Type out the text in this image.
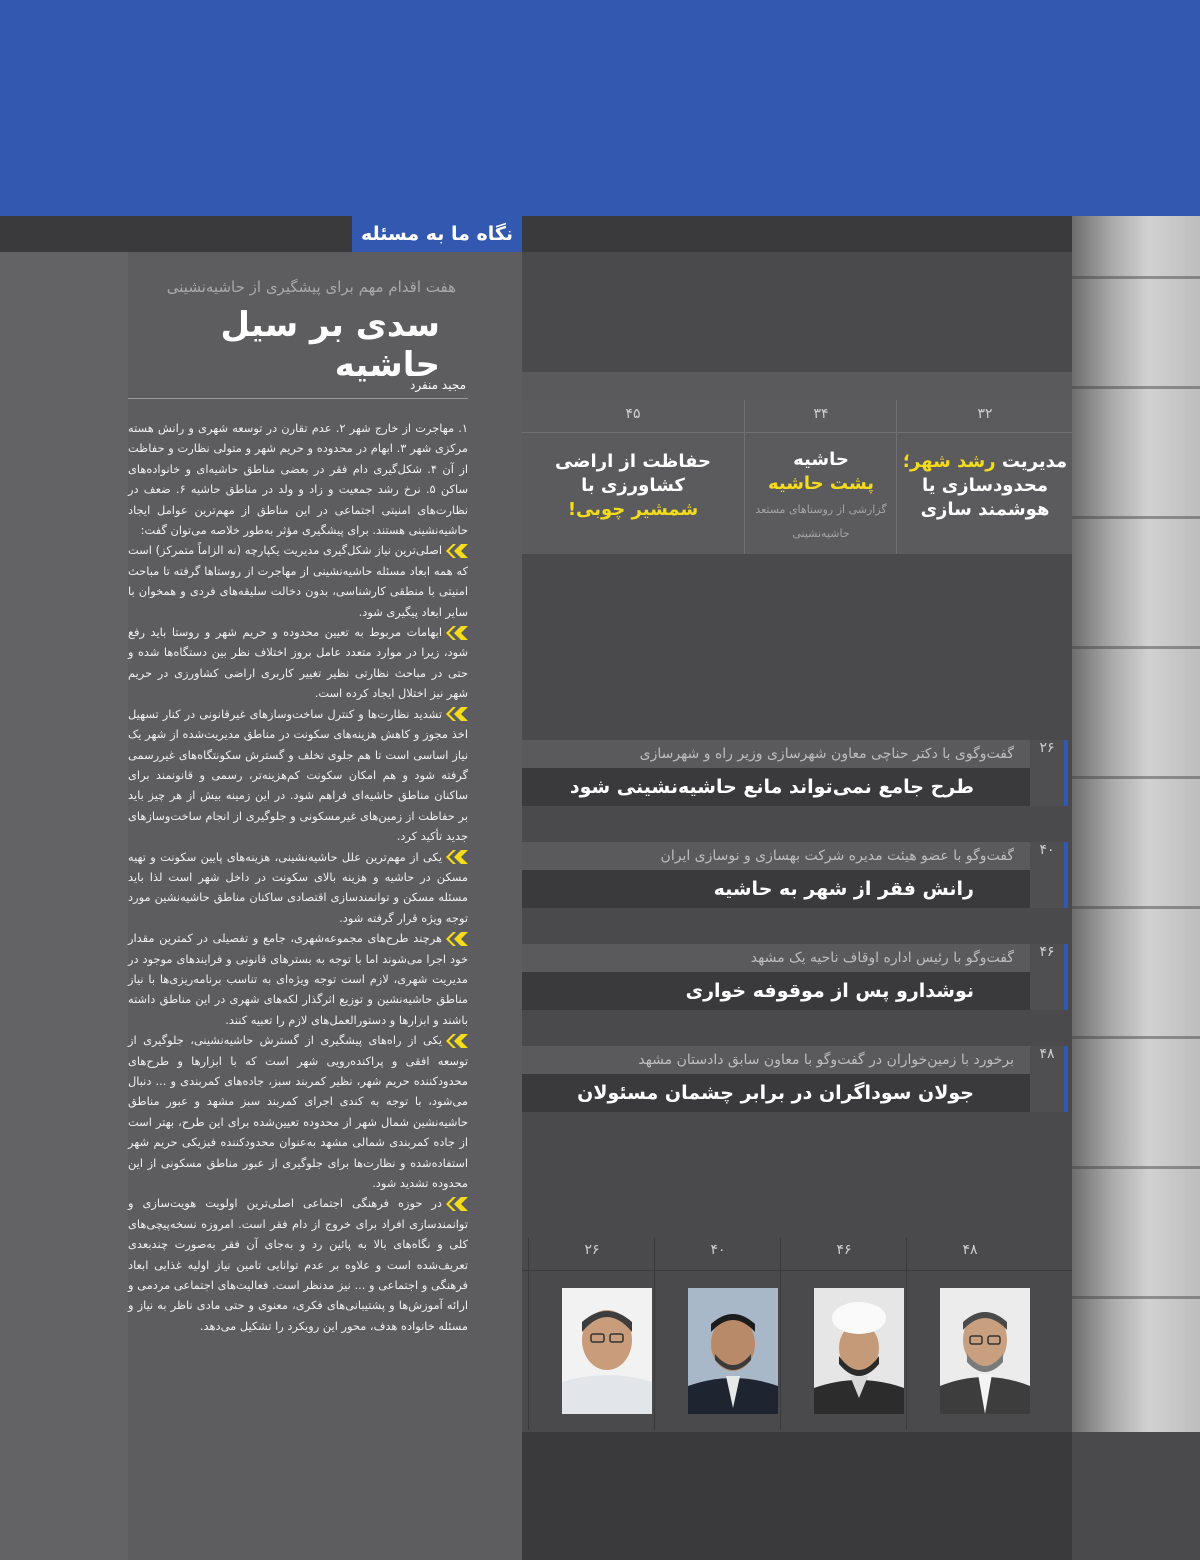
نگاه ما به مسئله
هفت اقدام مهم برای پیشگیری از حاشیه‌نشینی
سدی بر سیل حاشیه
مجید منفرد

۱. مهاجرت از خارج شهر ۲. عدم تقارن در توسعه شهری و رانش هسته مرکزی شهر ۳. ابهام در محدوده و حریم شهر و متولی نظارت و حفاظت از آن ۴. شکل‌گیری دام فقر در بعضی مناطق حاشیه‌ای و خانواده‌های ساکن ۵. نرخ رشد جمعیت و زاد و ولد در مناطق حاشیه ۶. ضعف در نظارت‌های امنیتی اجتماعی در این مناطق از مهم‌ترین عوامل ایجاد حاشیه‌نشینی هستند. برای پیشگیری مؤثر به‌طور خلاصه می‌توان گفت:

اصلی‌ترین نیاز شکل‌گیری مدیریت یکپارچه (نه الزاماً متمرکز) است که همه ابعاد مسئله حاشیه‌نشینی از مهاجرت از روستاها گرفته تا مباحث امنیتی با منطقی کارشناسی، بدون دخالت سلیقه‌های فردی و همخوان با سایر ابعاد پیگیری شود.

ابهامات مربوط به تعیین محدوده و حریم شهر و روستا باید رفع شود، زیرا در موارد متعدد عامل بروز اختلاف نظر بین دستگاه‌ها شده و حتی در مباحث نظارتی نظیر تغییر کاربری اراضی کشاورزی در حریم شهر نیز اختلال ایجاد کرده است.

تشدید نظارت‌ها و کنترل ساخت‌وسازهای غیرقانونی در کنار تسهیل اخذ مجوز و کاهش هزینه‌های سکونت در مناطق مدیریت‌شده از شهر یک نیاز اساسی است تا هم جلوی تخلف و گسترش سکونتگاه‌های غیررسمی گرفته شود و هم امکان سکونت کم‌هزینه‌تر، رسمی و قانونمند برای ساکنان مناطق حاشیه‌ای فراهم شود. در این زمینه بیش از هر چیز باید بر حفاظت از زمین‌های غیرمسکونی و جلوگیری از انجام ساخت‌وسازهای جدید تأکید کرد.

یکی از مهم‌ترین علل حاشیه‌نشینی، هزینه‌های پایین سکونت و تهیه مسکن در حاشیه و هزینه بالای سکونت در داخل شهر است لذا باید مسئله مسکن و توانمندسازی اقتصادی ساکنان مناطق حاشیه‌نشین مورد توجه ویژه قرار گرفته شود.

هرچند طرح‌های مجموعه‌شهری، جامع و تفصیلی در کمترین مقدار خود اجرا می‌شوند اما با توجه به بسترهای قانونی و فرایندهای موجود در مدیریت شهری، لازم است توجه ویژه‌ای به تناسب برنامه‌ریزی‌ها با نیاز مناطق حاشیه‌نشین و توزیع اثرگذار لکه‌های شهری در این مناطق داشته باشند و ابزارها و دستورالعمل‌های لازم را تعبیه کنند.

یکی از راه‌های پیشگیری از گسترش حاشیه‌نشینی، جلوگیری از توسعه افقی و پراکنده‌رویی شهر است که با ابزارها و طرح‌های محدودکننده حریم شهر، نظیر کمربند سبز، جاده‌های کمربندی و ... دنبال می‌شود، با توجه به کندی اجرای کمربند سبز مشهد و عبور مناطق حاشیه‌نشین شمال شهر از محدوده تعیین‌شده برای این طرح، بهتر است از جاده کمربندی شمالی مشهد به‌عنوان محدودکننده فیزیکی حریم شهر استفاده‌شده و نظارت‌ها برای جلوگیری از عبور مناطق مسکونی از این محدوده تشدید شود.

در حوزه فرهنگی اجتماعی اصلی‌ترین اولویت هویت‌سازی و توانمندسازی افراد برای خروج از دام فقر است. امروزه نسخه‌پیچی‌های کلی و نگاه‌های بالا به پائین رد و به‌جای آن فقر به‌صورت چندبعدی تعریف‌شده است و علاوه بر عدم توانایی تامین نیاز اولیه غذایی ابعاد فرهنگی و اجتماعی و ... نیز مدنظر است. فعالیت‌های اجتماعی مردمی و ارائه آموزش‌ها و پشتیبانی‌های فکری، معنوی و حتی مادی ناظر به نیاز و مسئله خانواده هدف، محور این رویکرد را تشکیل می‌دهد.

۳۲
مدیریت رشد شهر؛
محدودسازی یا هوشمند سازی
۳۴
حاشیه
پشت حاشیه
گزارشی از روستاهای مستعد حاشیه‌نشینی
۴۵
حفاظت از اراضی کشاورزی با
شمشیر چوبی!
گفت‌وگوی با دکتر حناچی معاون شهرسازی وزیر راه و شهرسازی
طرح جامع نمی‌تواند مانع حاشیه‌نشینی شود
۲۶
گفت‌وگو با عضو هیئت مدیره شرکت بهسازی و نوسازی ایران
رانش فقر از شهر به حاشیه
۴۰
گفت‌وگو با رئیس اداره اوقاف ناحیه یک مشهد
نوشدارو پس از موقوفه خواری
۴۶
برخورد با زمین‌خواران در گفت‌وگو با معاون سابق دادستان مشهد
جولان سوداگران در برابر چشمان مسئولان
۴۸
۴۸
۴۶
۴۰
۲۶
